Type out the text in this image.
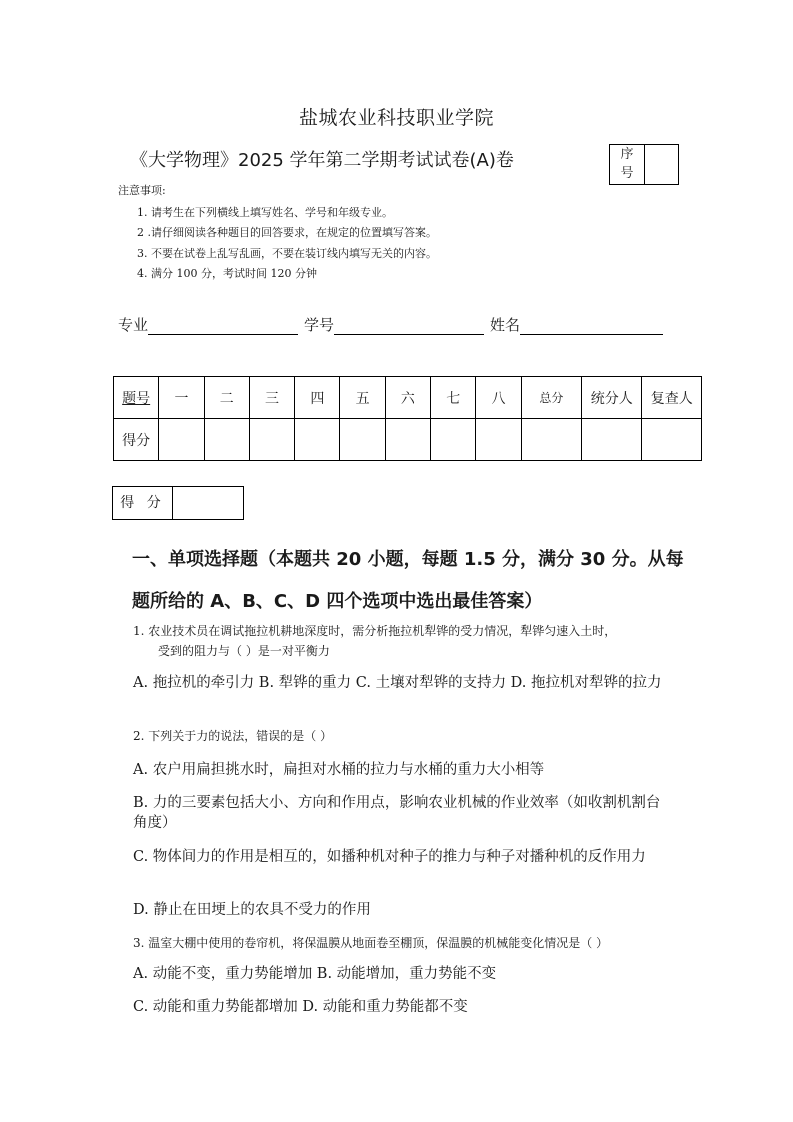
盐城农业科技职业学院
《大学物理》2025 学年第二学期考试试卷(A)卷	序
号
注意事项:
1. 请考生在下列横线上填写姓名、学号和年级专业。
2 .请仔细阅读各种题目的回答要求，在规定的位置填写答案。
3. 不要在试卷上乱写乱画，不要在装订线内填写无关的内容。
4. 满分 100 分，考试时间 120 分钟
专业	学号	姓名
题号	一	二	三	四	五	六	七	八	总分	统分人	复查人
得分											
得 分
一、单项选择题（本题共 20 小题，每题 1.5 分，满分 30 分。从每
题所给的 A、B、C、D 四个选项中选出最佳答案）
1. 农业技术员在调试拖拉机耕地深度时，需分析拖拉机犁铧的受力情况，犁铧匀速入土时，
受到的阻力与（ ）是一对平衡力
A. 拖拉机的牵引力 B. 犁铧的重力 C. 土壤对犁铧的支持力 D. 拖拉机对犁铧的拉力
2. 下列关于力的说法，错误的是（ ）
A. 农户用扁担挑水时，扁担对水桶的拉力与水桶的重力大小相等
B. 力的三要素包括大小、方向和作用点，影响农业机械的作业效率（如收割机割台角度）
C. 物体间力的作用是相互的，如播种机对种子的推力与种子对播种机的反作用力
D. 静止在田埂上的农具不受力的作用
3. 温室大棚中使用的卷帘机，将保温膜从地面卷至棚顶，保温膜的机械能变化情况是（ ）
A. 动能不变，重力势能增加 B. 动能增加，重力势能不变
C. 动能和重力势能都增加 D. 动能和重力势能都不变
